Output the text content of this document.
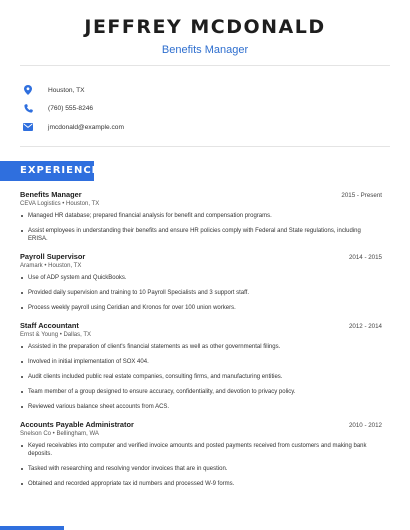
JEFFREY MCDONALD
Benefits Manager
Houston, TX
(760) 555-8246
jmcdonald@example.com
EXPERIENCE
Benefits Manager	2015 - Present
CEVA Logistics • Houston, TX
Managed HR database; prepared financial analysis for benefit and compensation programs.
Assist employees in understanding their benefits and ensure HR policies comply with Federal and State regulations, including ERISA.
Payroll Supervisor	2014 - 2015
Aramark • Houston, TX
Use of ADP system and QuickBooks.
Provided daily supervision and training to 10 Payroll Specialists and 3 support staff.
Process weekly payroll using Ceridian and Kronos for over 100 union workers.
Staff Accountant	2012 - 2014
Ernst & Young • Dallas, TX
Assisted in the preparation of client's financial statements as well as other governmental filings.
Involved in initial implementation of SOX 404.
Audit clients included public real estate companies, consulting firms, and manufacturing entities.
Team member of a group designed to ensure accuracy, confidentiality, and devotion to privacy policy.
Reviewed various balance sheet accounts from ACS.
Accounts Payable Administrator	2010 - 2012
Snelson Co • Bellingham, WA
Keyed receivables into computer and verified invoice amounts and posted payments received from customers and making bank deposits.
Tasked with researching and resolving vendor invoices that are in question.
Obtained and recorded appropriate tax id numbers and processed W-9 forms.
